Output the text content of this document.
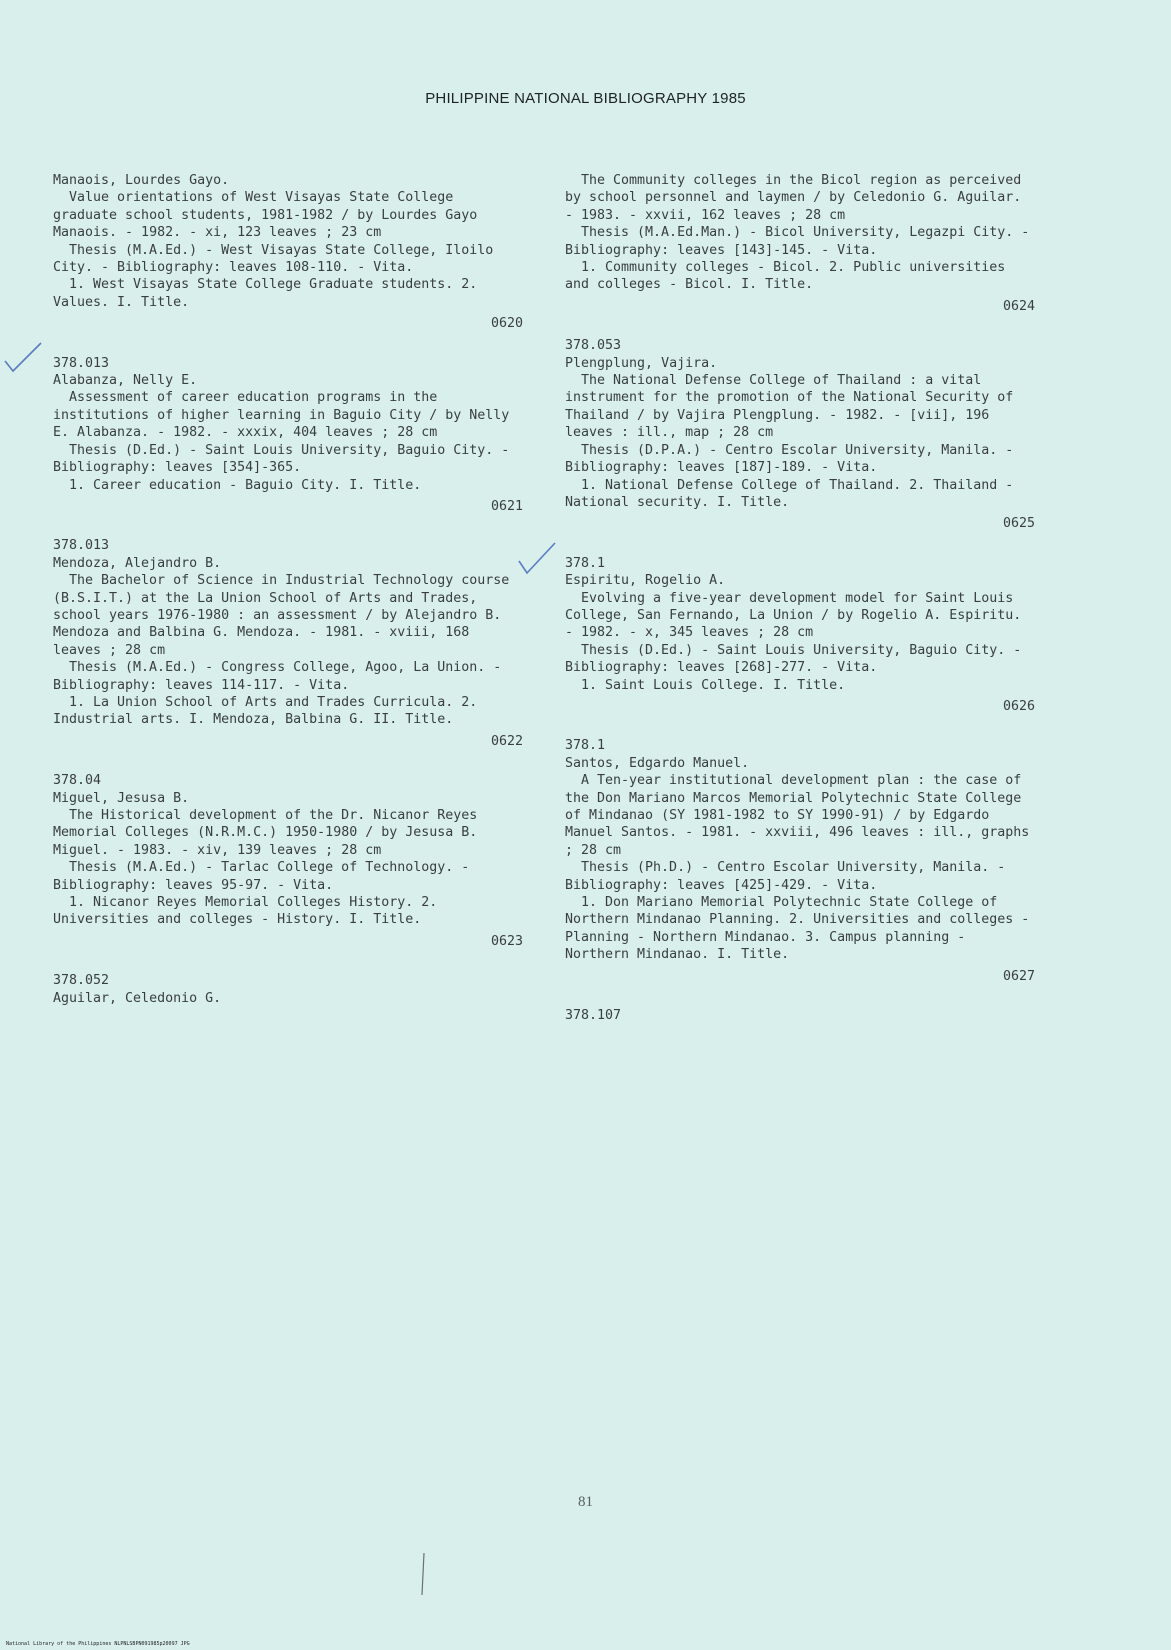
PHILIPPINE NATIONAL BIBLIOGRAPHY 1985

Manaois, Lourdes Gayo.

Value orientations of West Visayas State College graduate school students, 1981-1982 / by Lourdes Gayo Manaois. - 1982. - xi, 123 leaves ; 23 cm

Thesis (M.A.Ed.) - West Visayas State College, Iloilo City. - Bibliography: leaves 108-110. - Vita.

1. West Visayas State College Graduate students. 2. Values. I. Title.

0620

378.013

Alabanza, Nelly E.

Assessment of career education programs in the institutions of higher learning in Baguio City / by Nelly E. Alabanza. - 1982. - xxxix, 404 leaves ; 28 cm

Thesis (D.Ed.) - Saint Louis University, Baguio City. - Bibliography: leaves [354]-365.

1. Career education - Baguio City. I. Title.

0621

378.013

Mendoza, Alejandro B.

The Bachelor of Science in Industrial Technology course (B.S.I.T.) at the La Union School of Arts and Trades, school years 1976-1980 : an assessment / by Alejandro B. Mendoza and Balbina G. Mendoza. - 1981. - xviii, 168 leaves ; 28 cm

Thesis (M.A.Ed.) - Congress College, Agoo, La Union. - Bibliography: leaves 114-117. - Vita.

1. La Union School of Arts and Trades Curricula. 2. Industrial arts. I. Mendoza, Balbina G. II. Title.

0622

378.04

Miguel, Jesusa B.

The Historical development of the Dr. Nicanor Reyes Memorial Colleges (N.R.M.C.) 1950-1980 / by Jesusa B. Miguel. - 1983. - xiv, 139 leaves ; 28 cm

Thesis (M.A.Ed.) - Tarlac College of Technology. - Bibliography: leaves 95-97. - Vita.

1. Nicanor Reyes Memorial Colleges History. 2. Universities and colleges - History. I. Title.

0623

378.052

Aguilar, Celedonio G.

The Community colleges in the Bicol region as perceived by school personnel and laymen / by Celedonio G. Aguilar. - 1983. - xxvii, 162 leaves ; 28 cm

Thesis (M.A.Ed.Man.) - Bicol University, Legazpi City. - Bibliography: leaves [143]-145. - Vita.

1. Community colleges - Bicol. 2. Public universities and colleges - Bicol. I. Title.

0624

378.053

Plengplung, Vajira.

The National Defense College of Thailand : a vital instrument for the promotion of the National Security of Thailand / by Vajira Plengplung. - 1982. - [vii], 196 leaves : ill., map ; 28 cm

Thesis (D.P.A.) - Centro Escolar University, Manila. - Bibliography: leaves [187]-189. - Vita.

1. National Defense College of Thailand. 2. Thailand - National security. I. Title.

0625

378.1

Espiritu, Rogelio A.

Evolving a five-year development model for Saint Louis College, San Fernando, La Union / by Rogelio A. Espiritu. - 1982. - x, 345 leaves ; 28 cm

Thesis (D.Ed.) - Saint Louis University, Baguio City. - Bibliography: leaves [268]-277. - Vita.

1. Saint Louis College. I. Title.

0626

378.1

Santos, Edgardo Manuel.

A Ten-year institutional development plan : the case of the Don Mariano Marcos Memorial Polytechnic State College of Mindanao (SY 1981-1982 to SY 1990-91) / by Edgardo Manuel Santos. - 1981. - xxviii, 496 leaves : ill., graphs ; 28 cm

Thesis (Ph.D.) - Centro Escolar University, Manila. - Bibliography: leaves [425]-429. - Vita.

1. Don Mariano Memorial Polytechnic State College of Northern Mindanao Planning. 2. Universities and colleges - Planning - Northern Mindanao. 3. Campus planning - Northern Mindanao. I. Title.

0627

378.107

81
National Library of the Philippines NLPNLSBPN091985p20097 JPG
